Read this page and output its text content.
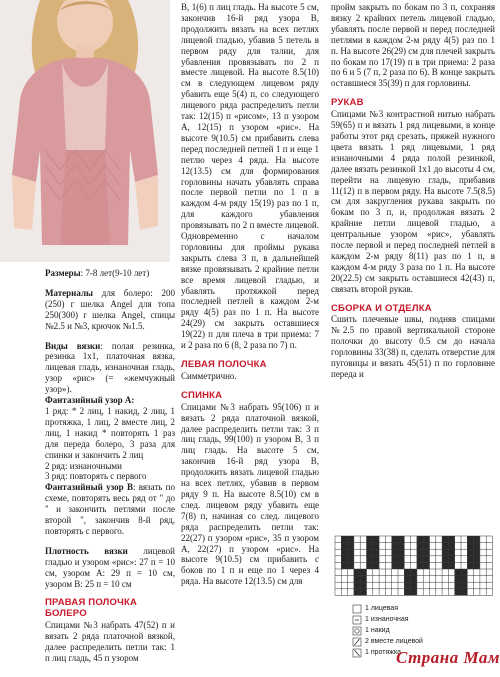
Размеры: 7-8 лет(9-10 лет)

Материалы для болеро: 200 (250) г шелка Angel для топа 250(300) г шелка Angel, спицы №2.5 и №3, крючок №1.5.

Виды вязки: полая резинка, резинка 1х1, платочная вязка, лицевая гладь, изнаночная гладь, узор «рис» (= «жемчужный узор»).

Фантазийный узор А:

1 ряд: * 2 лиц, 1 накид, 2 лиц, 1 протяжка, 1 лиц, 2 вместе лиц, 2 лиц, 1 накид * повторять 1 раз для переда болеро, 3 раза для спинки и закончить 2 лиц

2 ряд: изнаночными

3 ряд: повторять с первого

Фантазийный узор В: вязать по схеме, повторять весь ряд от " до " и закончить петлями после второй ", закончив 8-й ряд, повторять с первого.

Плотность вязки лицевой гладью и узором «рис»: 27 п = 10 см, узором А: 29 п = 10 см, узором В: 25 п = 10 см

ПРАВАЯ ПОЛОЧКА

БОЛЕРО

Спицами №3 набрать 47(52) п и вязать 2 ряда платочной вязкой, далее распределить петли так: 1 п лиц гладь, 45 п узором

В, 1(6) п лиц гладь. На высоте 5 см, закончив 16-й ряд узора В, продолжить вязать на всех петлях лицевой гладью, убавив 5 петель в первом ряду для талии, для убавления провязывать по 2 п вместе лицевой. На высоте 8.5(10) см в следующем лицевом ряду убавить еще 5(4) п, со следующего лицевого ряда распределить петли так: 12(15) п «рисом», 13 п узором А, 12(15) п узором «рис». На высоте 9(10.5) см прибавить слева перед последней петлей 1 п и еще 1 петлю через 4 ряда. На высоте 12(13.5) см для формирования горловины начать убавлять справа после первой петли по 1 п в каждом 4-м ряду 15(19) раз по 1 п, для каждого убавления провязывать по 2 п вместе лицевой. Одновременно с началом горловины для проймы рукава закрыть слева 3 п, в дальнейшей вязке провязывать 2 крайние петли все время лицевой гладью, и убавлять протяжкой перед последней петлей в каждом 2-м ряду 4(5) раз по 1 п. На высоте 24(29) см закрыть оставшиеся 19(22) п для плеча в три приема: 7 и 2 раза по 6 (8, 2 раза по 7) п.

ЛЕВАЯ ПОЛОЧКА

Симметрично.

СПИНКА

Спицами №3 набрать 95(106) п и вязать 2 ряда платочной вязкой, далее распределить петли так: 3 п лиц гладь, 99(100) п узором В, 3 п лиц гладь. На высоте 5 см, закончив 16-й ряд узора В, продолжить вязать лицевой гладью на всех петлях, убавив в первом ряду 9 п. На высоте 8.5(10) см в след. лицевом ряду убавить еще 7(8) п, начиная со след. лицевого ряда распределить петли так: 22(27) п узором «рис», 35 п узором А, 22(27) п узором «рис». На высоте 9(10.5) см прибавить с боков по 1 п и еще по 1 через 4 ряда. На высоте 12(13.5) см для

пройм закрыть по бокам по 3 п, сохраняя вязку 2 крайних петель лицевой гладью, убавлять после первой и перед последней петлями в каждом 2-м ряду 4(5) раз по 1 п. На высоте 26(29) см для плечей закрыть по бокам по 17(19) п в три приема: 2 раза по 6 и 5 (7 п, 2 раза по 6). В конце закрыть оставшиеся 35(39) п для горловины.

РУКАВ

Спицами №3 контрастной нитью набрать 59(65) п и вязать 1 ряд лицевыми, в конце работы этот ряд срезать, пряжей нужного цвета вязать 1 ряд лицевыми, 1 ряд изнаночными 4 ряда полой резинкой, далее вязать резинкой 1х1 до высоты 4 см, перейти на лицевую гладь, прибавив 11(12) п в первом ряду. На высоте 7.5(8.5) см для закругления рукава закрыть по бокам по 3 п, и, продолжая вязать 2 крайние петли лицевой гладью, а центральные узором «рис», убавлять после первой и перед последней петлей в каждом 2-м ряду 8(11) раз по 1 п, в каждом 4-м ряду 3 раза по 1 п. На высоте 20(22.5) см закрыть оставшиеся 42(43) п, связать второй рукав.

СБОРКА И ОТДЕЛКА

Сшить плечевые швы, подняв спицами №2.5 по правой вертикальной стороне полочки до высоту 0.5 см до начала горловины 33(38) п, сделать отверстие для пуговицы и вязать 45(51) п по горловине переда и

1 лицевая
1 изнаночная
1 накид
2 вместе лицевой
1 протяжка
Страна Мам
